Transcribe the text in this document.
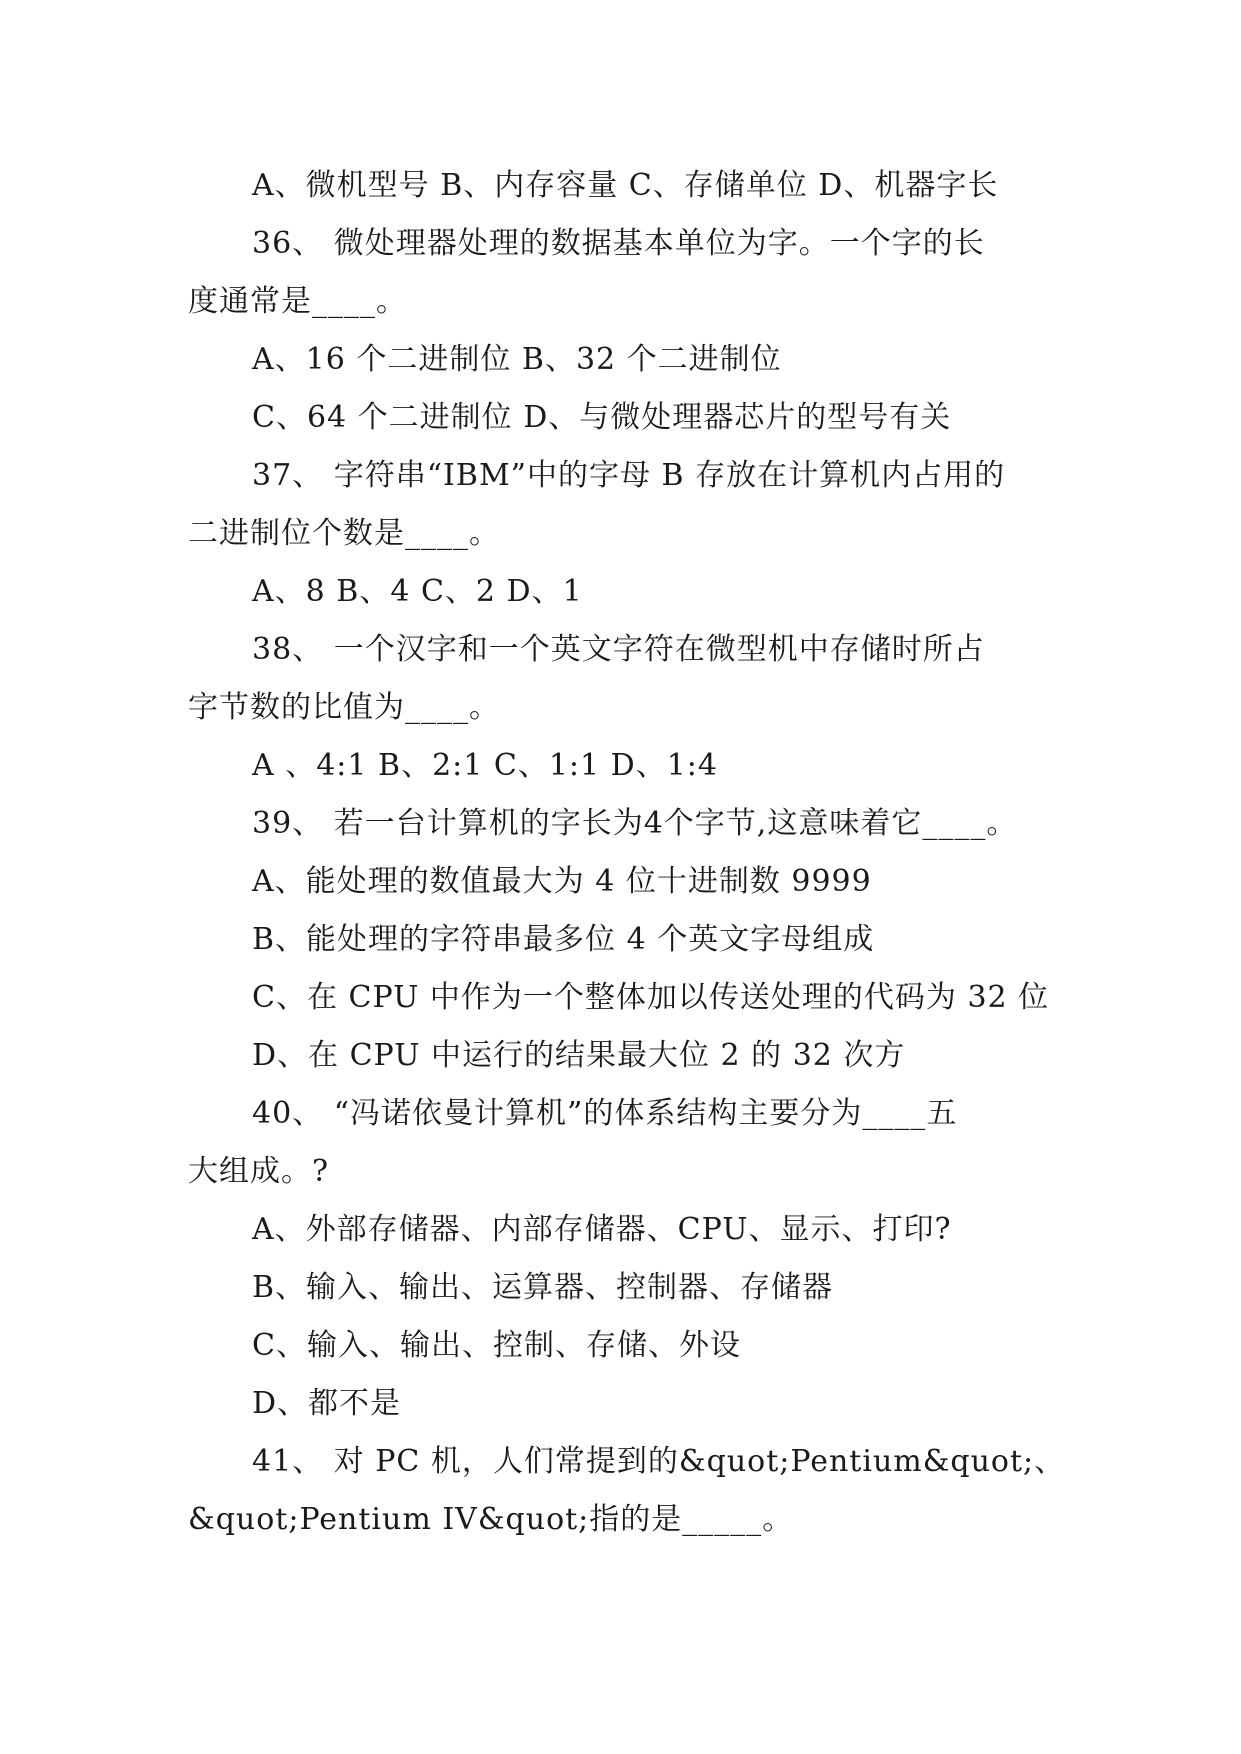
A、微机型号 B、内存容量 C、存储单位 D、机器字长
36、 微处理器处理的数据基本单位为字。一个字的长
度通常是____。
A、16 个二进制位 B、32 个二进制位
C、64 个二进制位 D、与微处理器芯片的型号有关
37、 字符串“IBM”中的字母 B 存放在计算机内占用的
二进制位个数是____。
A、8 B、4 C、2 D、1
38、 一个汉字和一个英文字符在微型机中存储时所占
字节数的比值为____。
A 、4:1 B、2:1 C、1:1 D、1:4
39、 若一台计算机的字长为4个字节,这意味着它____。
A、能处理的数值最大为 4 位十进制数 9999
B、能处理的字符串最多位 4 个英文字母组成
C、在 CPU 中作为一个整体加以传送处理的代码为 32 位
D、在 CPU 中运行的结果最大位 2 的 32 次方
40、 “冯诺依曼计算机”的体系结构主要分为____五
大组成。?
A、外部存储器、内部存储器、CPU、显示、打印?
B、输入、输出、运算器、控制器、存储器
C、输入、输出、控制、存储、外设
D、都不是
41、 对 PC 机，人们常提到的&quot;Pentium&quot;、
&quot;Pentium IV&quot;指的是_____。
